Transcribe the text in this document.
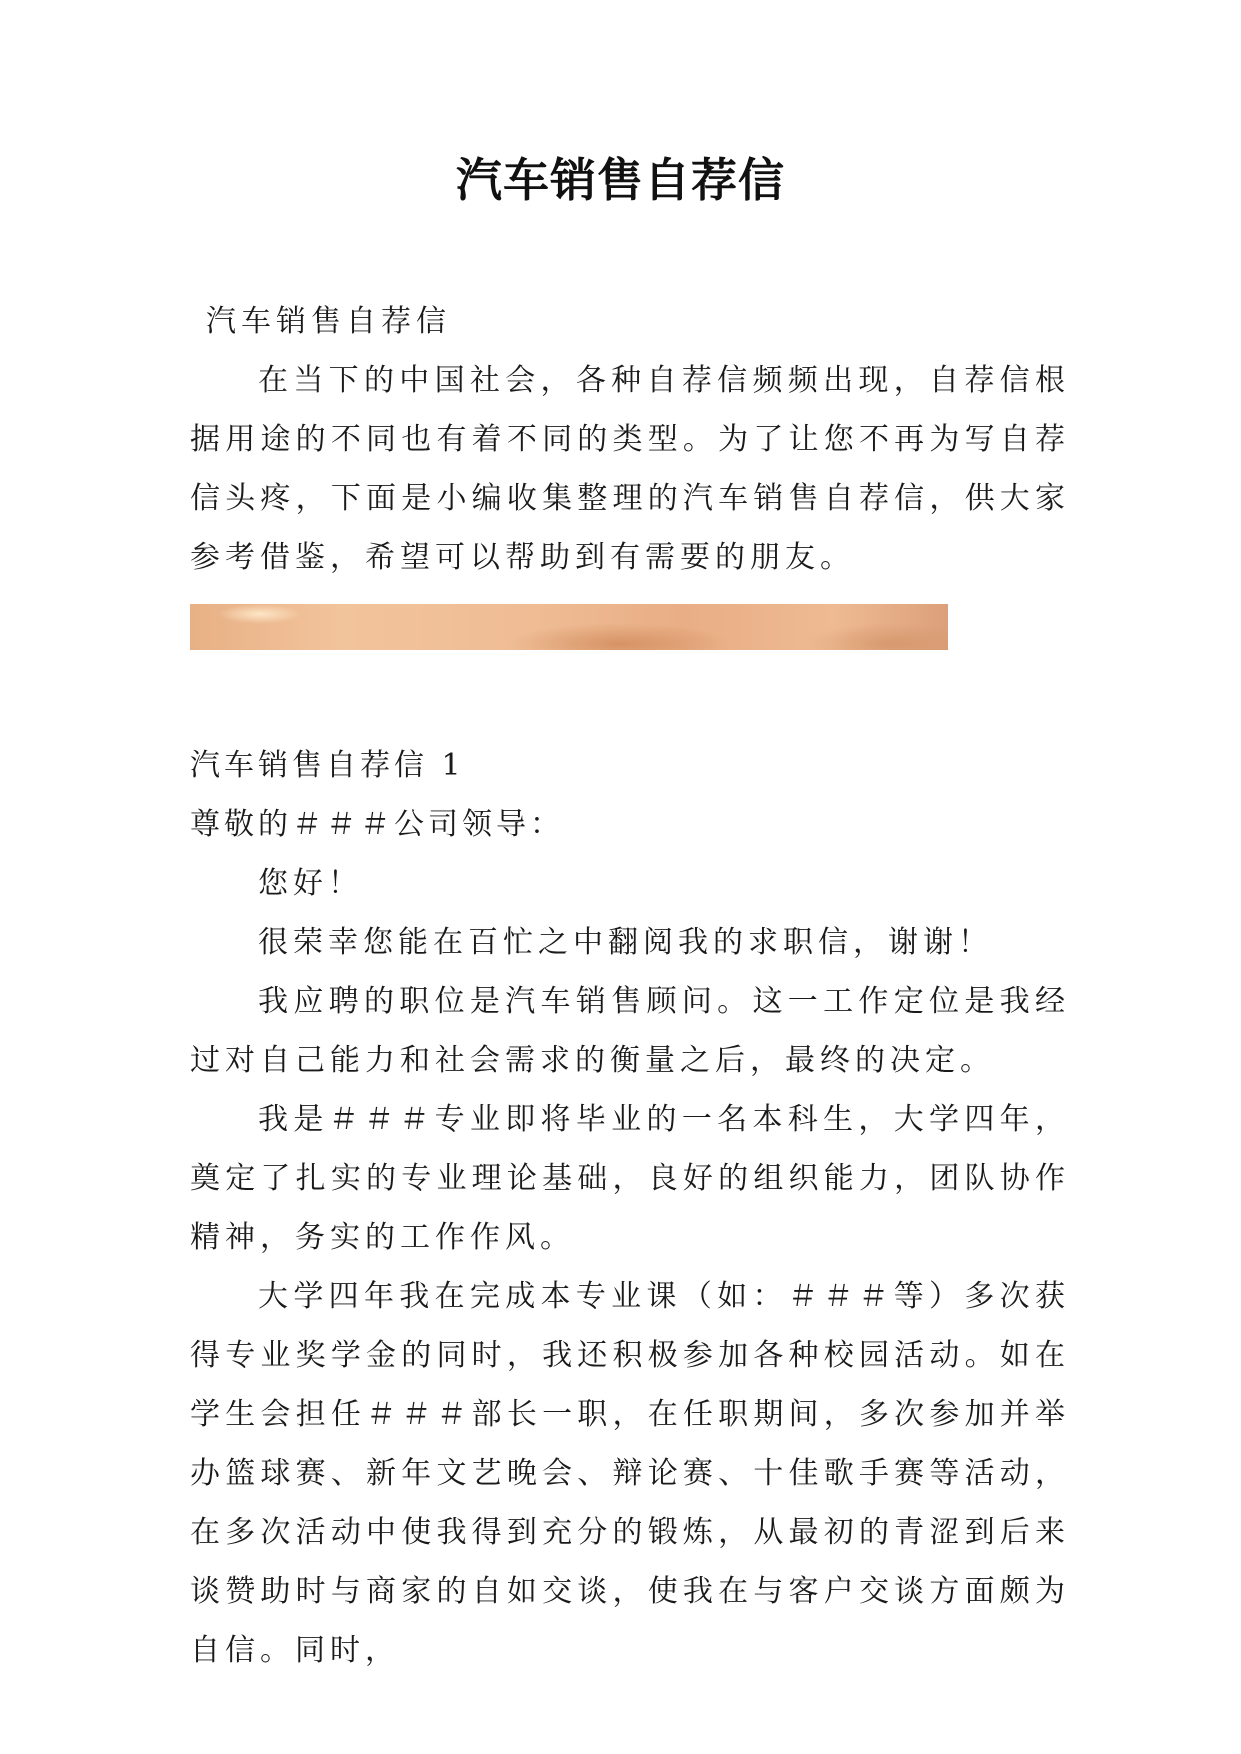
汽车销售自荐信

汽车销售自荐信

在当下的中国社会，各种自荐信频频出现，自荐信根据用途的不同也有着不同的类型。为了让您不再为写自荐信头疼，下面是小编收集整理的汽车销售自荐信，供大家参考借鉴，希望可以帮助到有需要的朋友。

汽车销售自荐信 1

尊敬的＃＃＃公司领导：

您好！

很荣幸您能在百忙之中翻阅我的求职信，谢谢！

我应聘的职位是汽车销售顾问。这一工作定位是我经过对自己能力和社会需求的衡量之后，最终的决定。

我是＃＃＃专业即将毕业的一名本科生，大学四年，奠定了扎实的专业理论基础，良好的组织能力，团队协作精神，务实的工作作风。

大学四年我在完成本专业课（如：＃＃＃等）多次获得专业奖学金的同时，我还积极参加各种校园活动。如在学生会担任＃＃＃部长一职，在任职期间，多次参加并举办篮球赛、新年文艺晚会、辩论赛、十佳歌手赛等活动，在多次活动中使我得到充分的锻炼，从最初的青涩到后来谈赞助时与商家的自如交谈，使我在与客户交谈方面颇为自信。同时，
